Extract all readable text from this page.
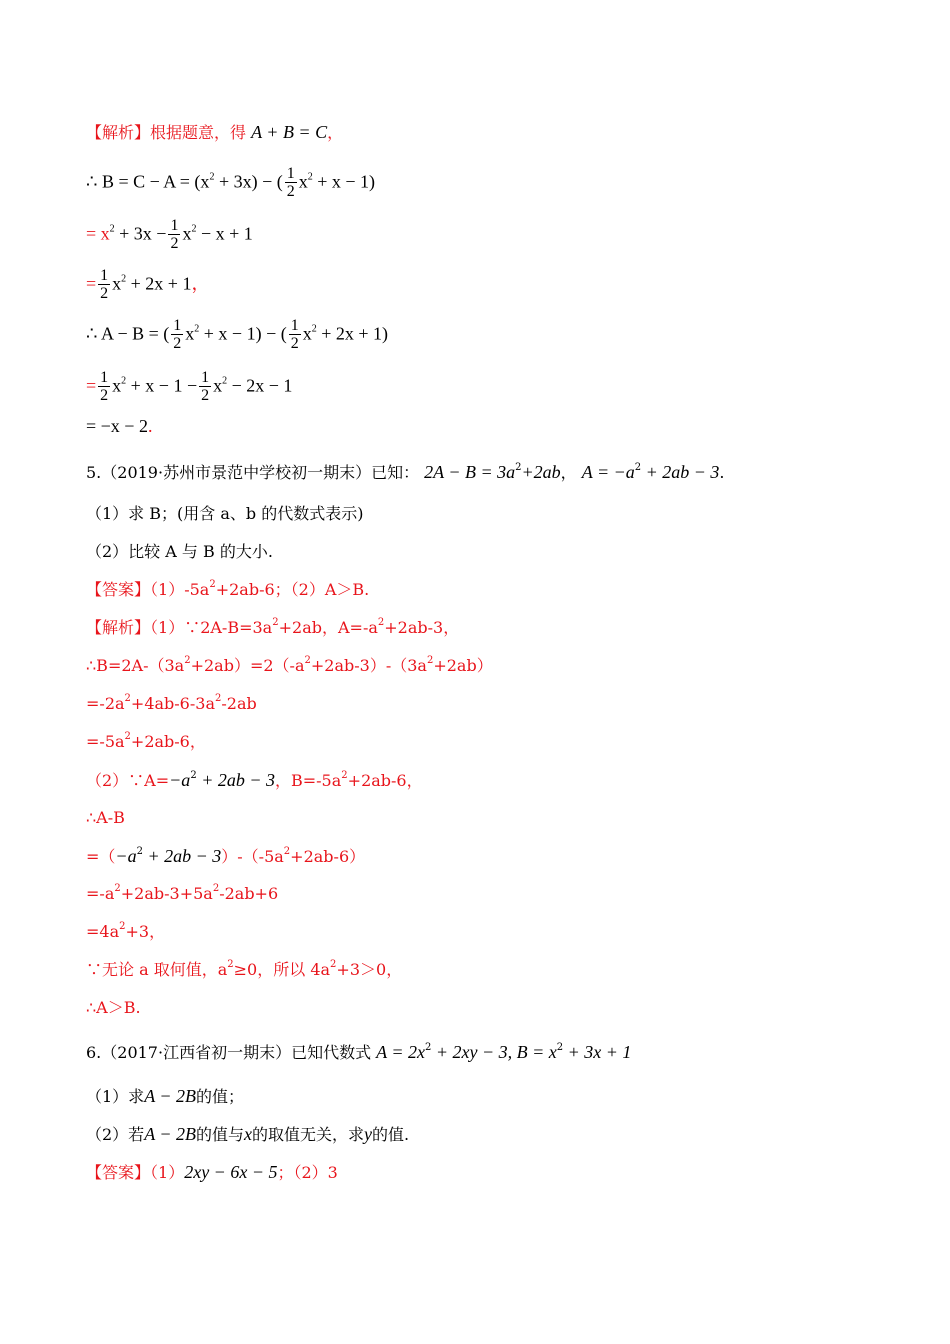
【解析】根据题意，得 A + B = C，
∴ $B = C - A = (x^2 + 3x)$ − ( $\frac{1}{2} x^2 + x - 1$)
= $x^2 + 3x - \frac{1}{2} x^2 - x + 1$
= $\frac{1}{2} x^2 + 2x + 1$，
∴ A − B = ( $\frac{1}{2} x^2 + x - 1$) − ( $\frac{1}{2} x^2 + 2x + 1$)
= $\frac{1}{2} x^2 + x - 1 - \frac{1}{2} x^2 - 2x - 1$
= −x − 2.
5.（2019·苏州市景范中学校初一期末）已知： $2A - B = 3a^2+2ab$， $A = -a^2 + 2ab - 3$.
（1）求 B；(用含 a、b 的代数式表示)
（2）比较 A 与 B 的大小.
【答案】$(1)-5a^2+2ab-6$；（2）A＞B.
【解析】$(1)\because 2A-B=3a^2+2ab$，$A=-a^2+2ab-3$，
$\therefore B=2A-(3a^2+2ab)=2(-a^2+2ab-3)-(3a^2+2ab)$
$=-2a^2+4ab-6-3a^2-2ab$
$=-5a^2+2ab-6$，
$(2)\because A=-a^2 + 2ab - 3$，$B=-5a^2+2ab-6$，
∴A-B
$=(-a^2 + 2ab - 3)-(-5a^2+2ab-6)$
$=-a^2+2ab-3+5a^2-2ab+6$
$=4a^2+3$，
∵无论 a 取何值，$a^2\ge 0$，所以 $4a^2+3>0$，
∴A＞B.
6.（2017·江西省初一期末）已知代数式 $A = 2x^2 + 2xy - 3$, $B = x^2 + 3x + 1$
（1）求A − 2B的值；
（2）若A − 2B的值与x的取值无关，求y的值.
【答案】（1）2xy − 6x − 5；（2）3
